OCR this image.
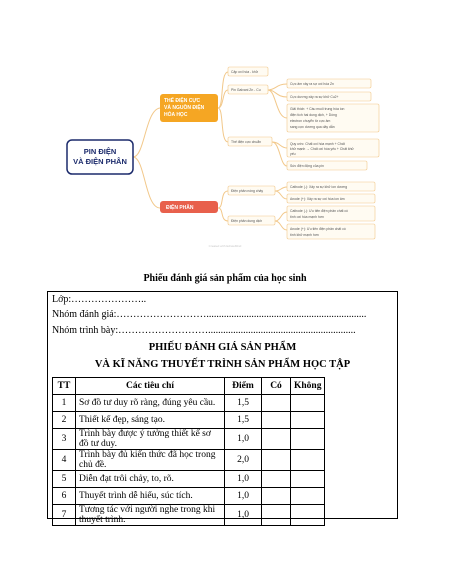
PIN ĐIỆN
VÀ ĐIỆN PHÂN
THẾ ĐIỆN CỰC
VÀ NGUỒN ĐIỆN
HÓA HỌC
ĐIỆN PHÂN
Cặp oxi hóa - khử
Pin Galvani Zn - Cu
Thế điện cực chuẩn
Cực âm xảy ra sự oxi hóa Zn
Cực dương xảy ra sự khử Cu2+
Giải thích: + Cầu muối trung hòa ion
điện tích hai dung dịch, + Dòng
electron chuyển từ cực âm
sang cực dương qua dây dẫn
Quy ước: Chất oxi hóa mạnh + Chất
khử mạnh → Chất oxi hóa yếu + Chất khử
yếu
Sức điện động của pin
Điện phân nóng chảy
Điện phân dung dịch
Cathode (-): Xảy ra sự khử ion dương
Anode (+): Xảy ra sự oxi hóa ion âm
Cathode (-): Ưu tiên điện phân chất có
tính oxi hóa mạnh hơn
Anode (+): Ưu tiên điện phân chất có
tính khử mạnh hơn
Created with EdrawMind
Phiếu đánh giá sản phẩm của học sinh
Lớp:…………………..
Nhóm đánh giá:………………………................................................................
Nhóm trình bày:………………………...........................................................
PHIẾU ĐÁNH GIÁ SẢN PHẨM
VÀ KĨ NĂNG THUYẾT TRÌNH SẢN PHẨM HỌC TẬP
TT	Các tiêu chí	Điểm	Có	Không
1	Sơ đồ tư duy rõ ràng, đúng yêu cầu.	1,5		
2	Thiết kế đẹp, sáng tạo.	1,5		
3	Trình bày được ý tưởng thiết kế sơ đồ tư duy.	1,0		
4	Trình bày đủ kiến thức đã học trong chủ đề.	2,0		
5	Diễn đạt trôi chảy, to, rõ.	1,0		
6	Thuyết trình dễ hiểu, súc tích.	1,0		
7	Tương tác với người nghe trong khi thuyết trình.	1,0		
